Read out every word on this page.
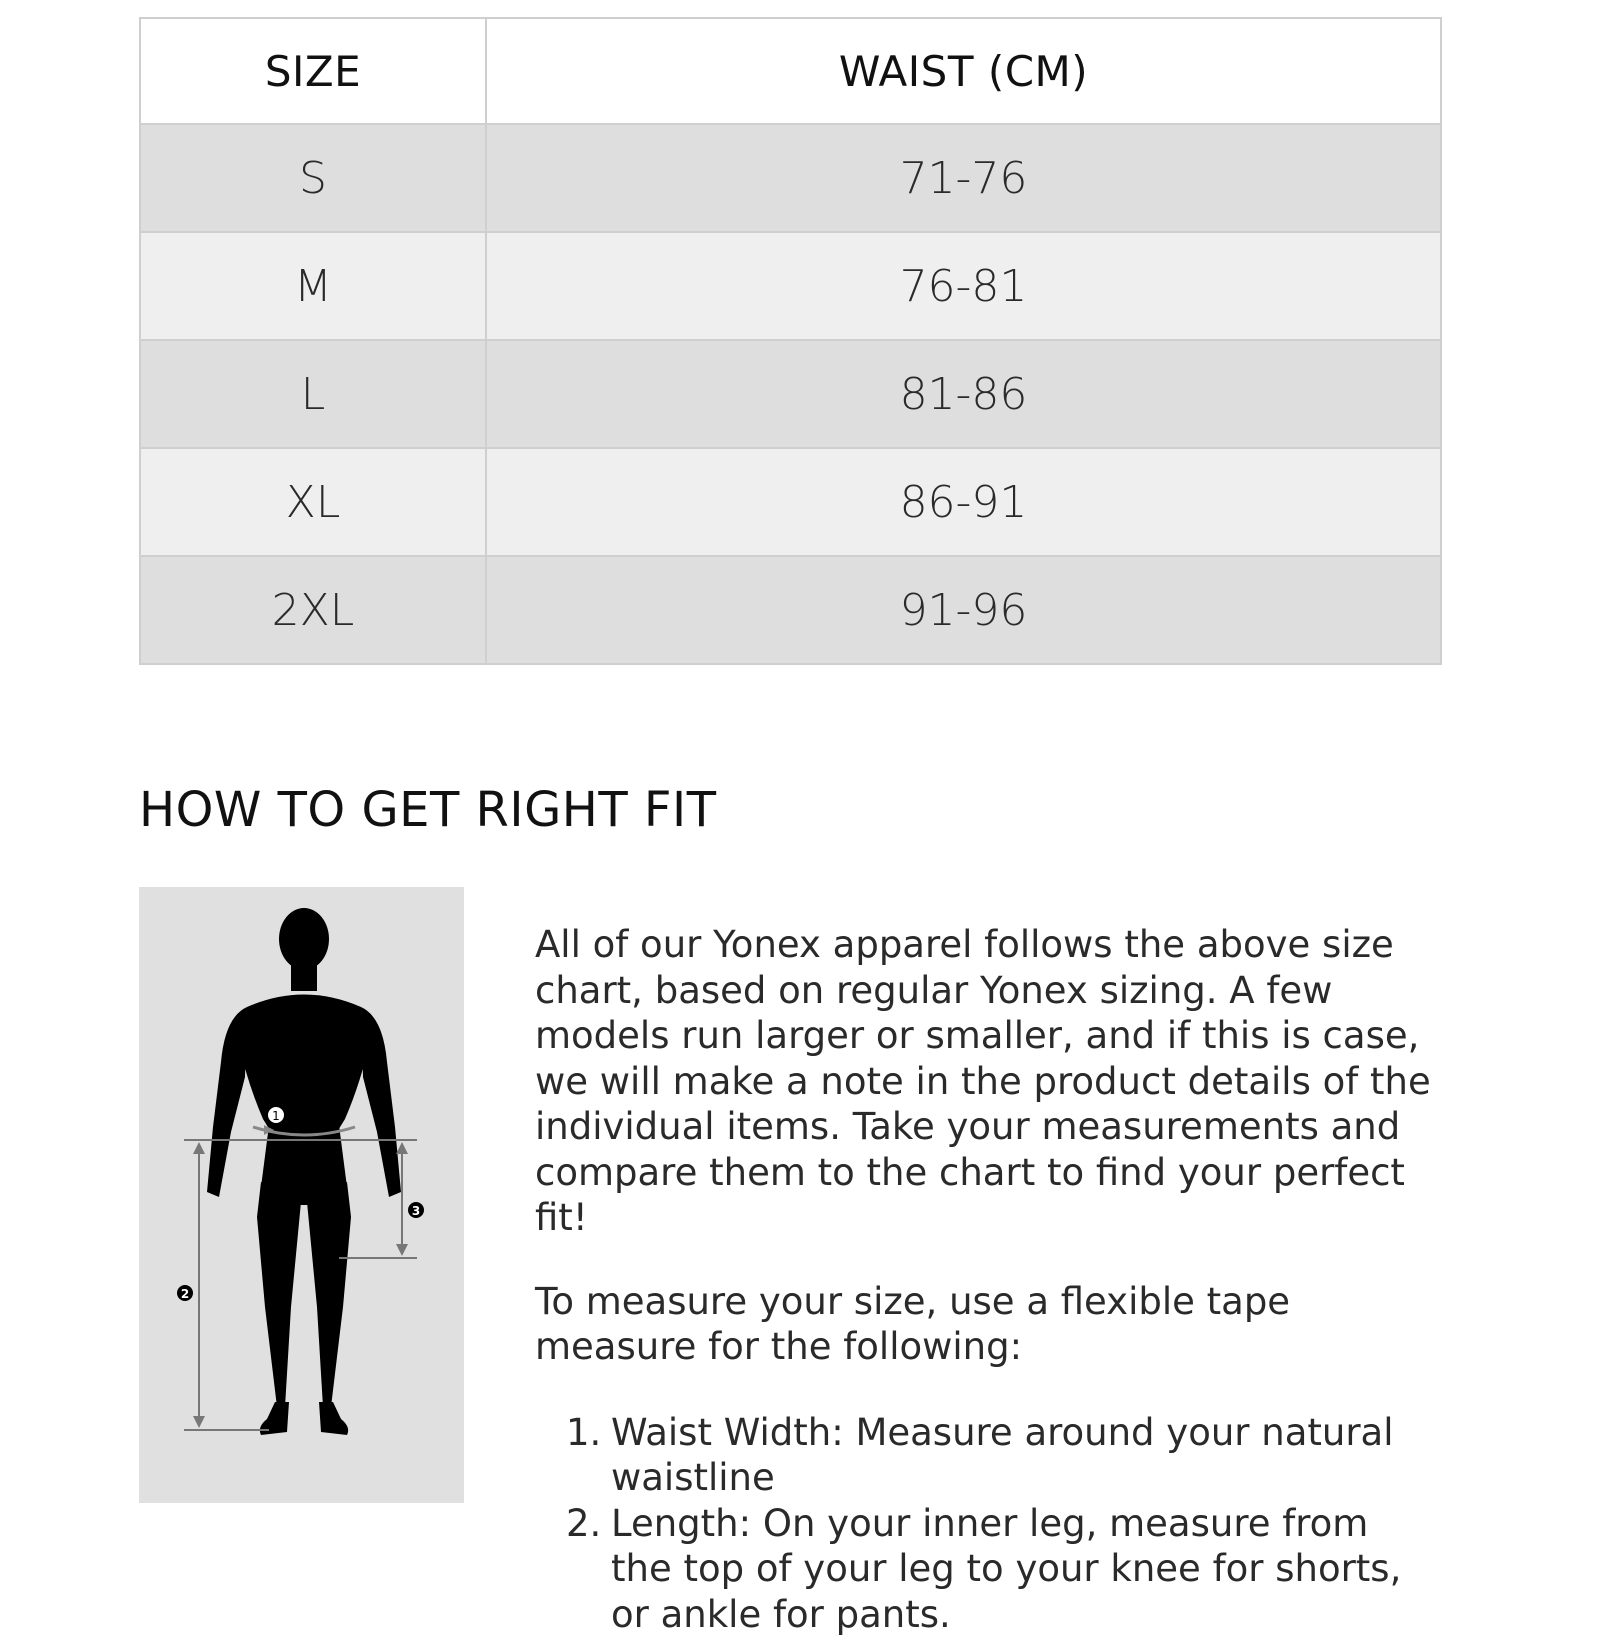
SIZE	WAIST (CM)
S	71-76
M	76-81
L	81-86
XL	86-91
2XL	91-96
HOW TO GET RIGHT FIT
1
2
3

All of our Yonex apparel follows the above size chart, based on regular Yonex sizing. A few models run larger or smaller, and if this is case, we will make a note in the product details of the individual items. Take your measurements and compare them to the chart to find your perfect fit!

To measure your size, use a flexible tape measure for the following:

Waist Width: Measure around your natural waistline
Length: On your inner leg, measure from the top of your leg to your knee for shorts, or ankle for pants.
